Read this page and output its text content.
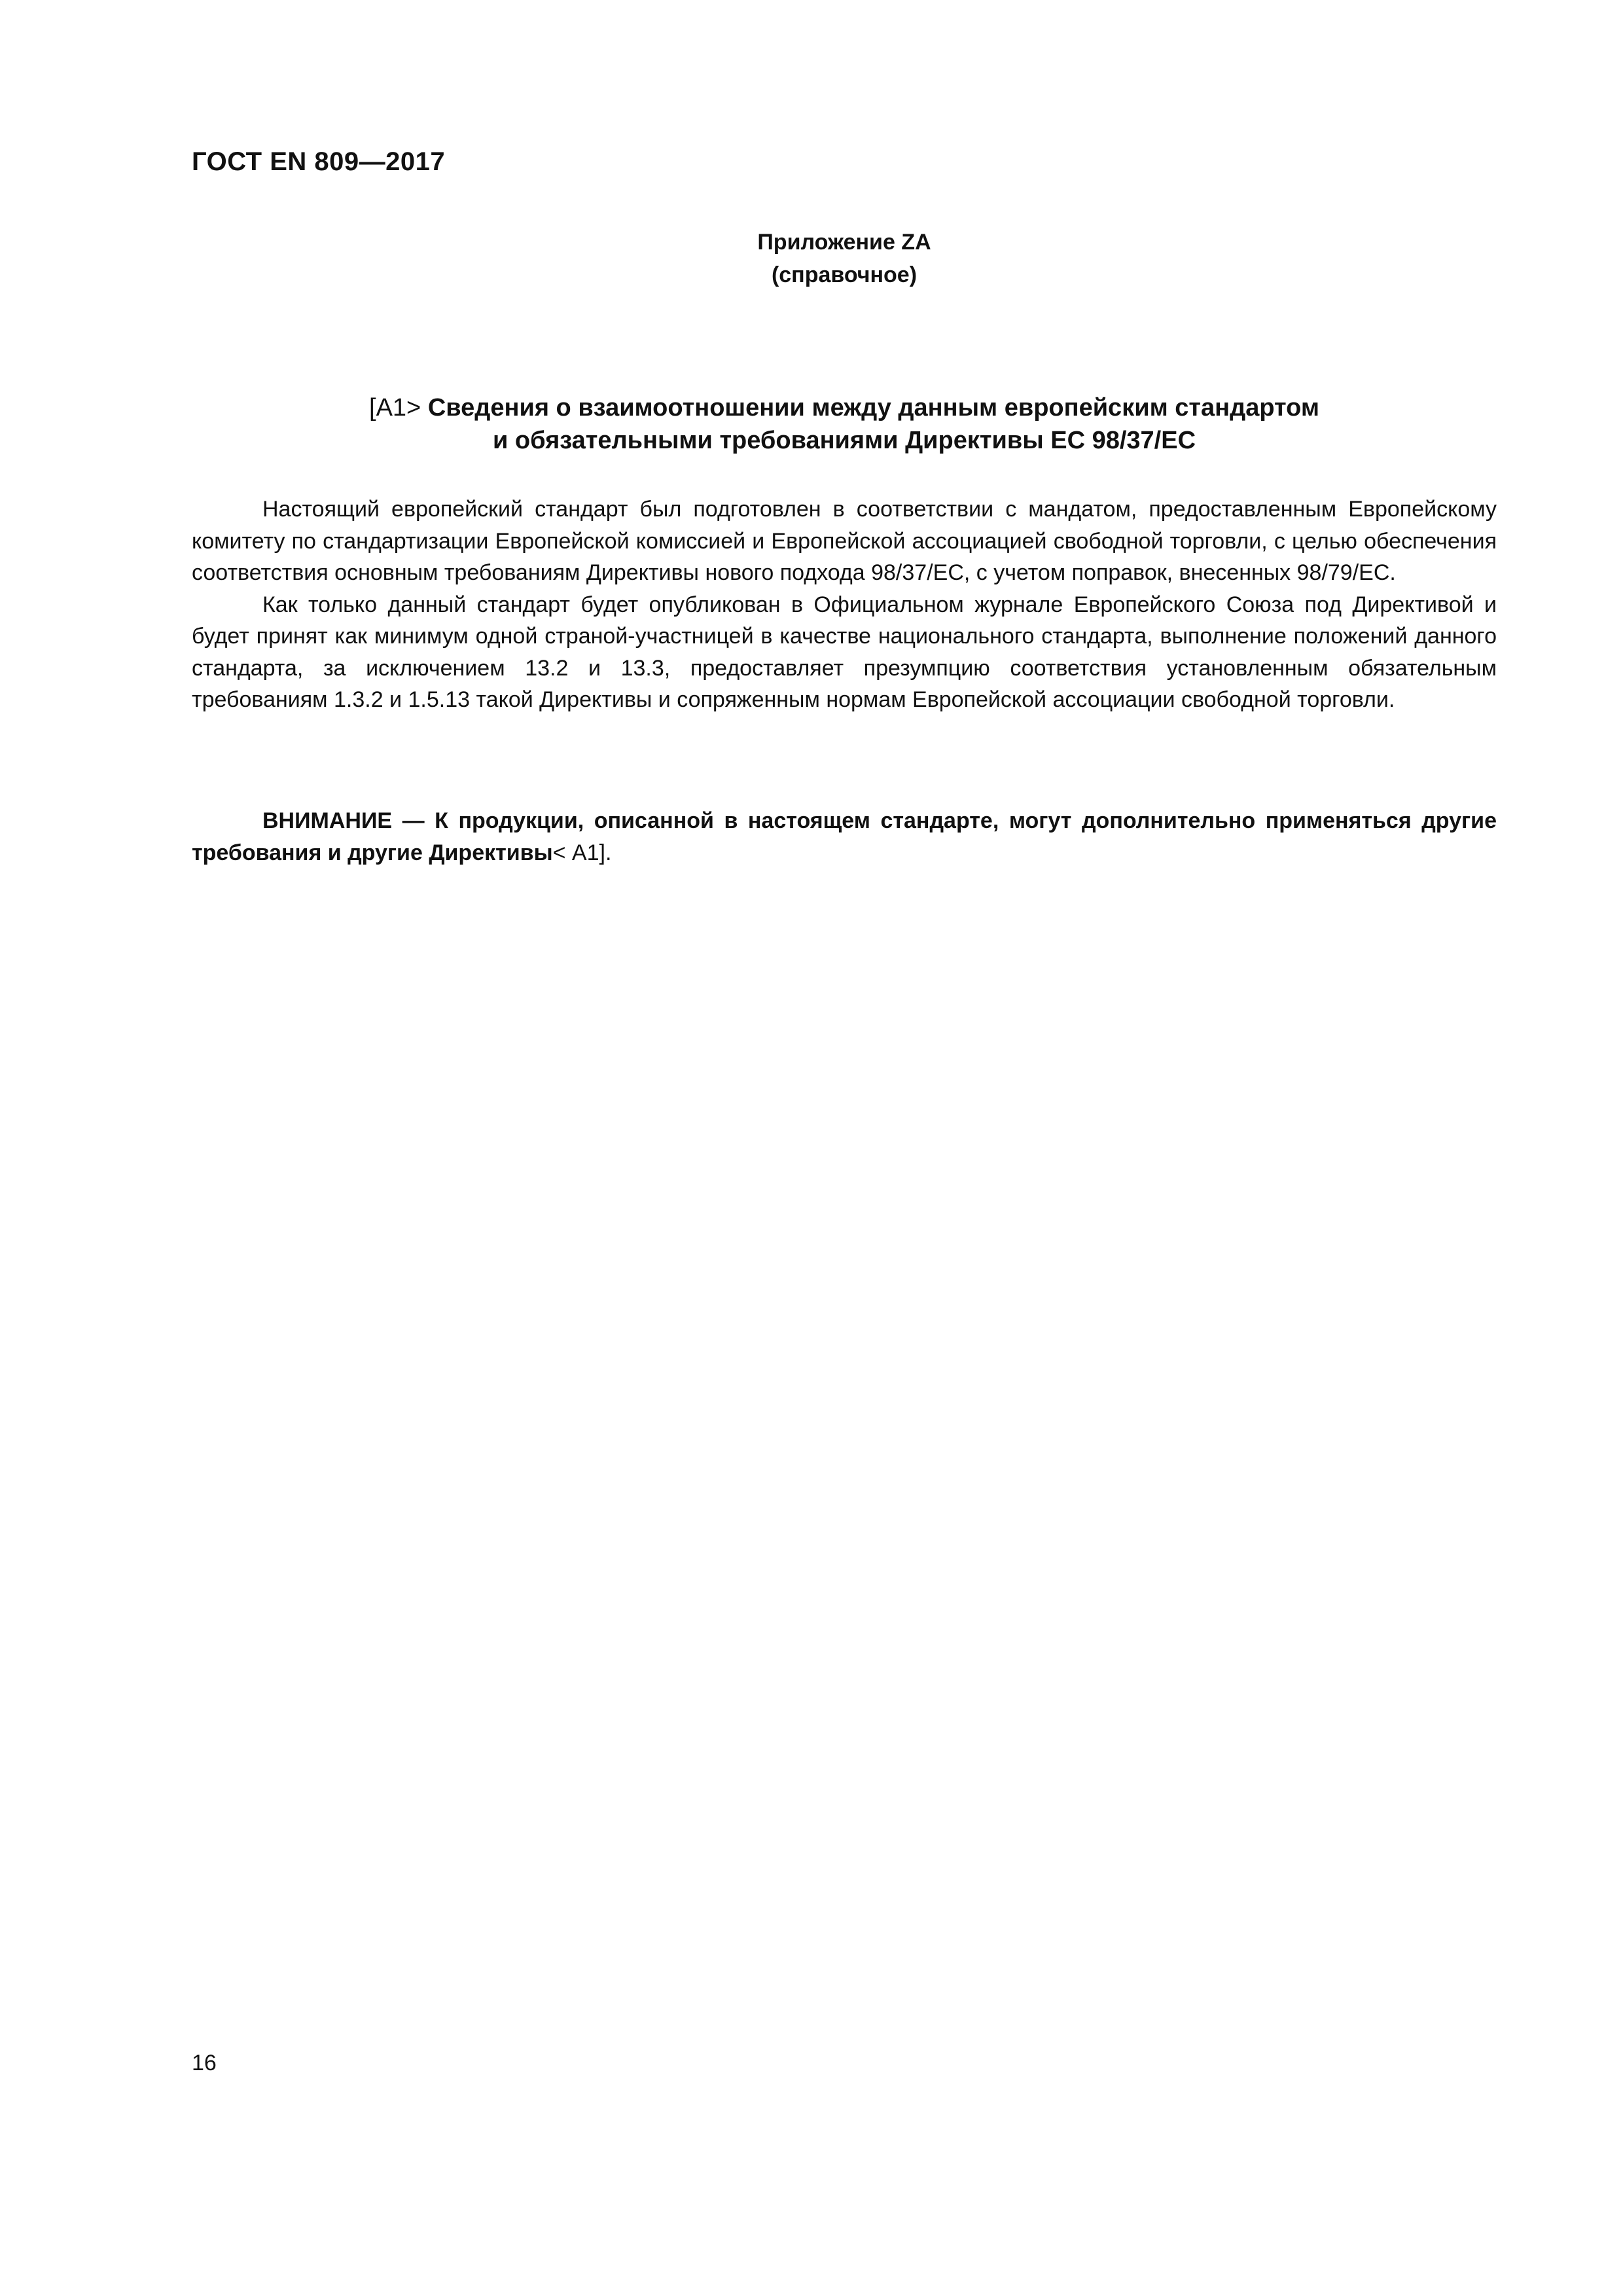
ГОСТ EN 809—2017

Приложение ZA
(справочное)
[A1> Сведения о взаимоотношении между данным европейским стандартом
и обязательными требованиями Директивы ЕС 98/37/ЕС

Настоящий европейский стандарт был подготовлен в соответствии с мандатом, предоставленным Европейскому комитету по стандартизации Европейской комиссией и Европейской ассоциацией свободной торговли, с целью обеспечения соответствия основным требованиям Директивы нового подхода 98/37/ЕС, с учетом поправок, внесенных 98/79/ЕС.

Как только данный стандарт будет опубликован в Официальном журнале Европейского Союза под Директивой и будет принят как минимум одной страной-участницей в качестве национального стандарта, выполнение положений данного стандарта, за исключением 13.2 и 13.3, предоставляет презумпцию соответствия установленным обязательным требованиям 1.3.2 и 1.5.13 такой Директивы и сопряженным нормам Европейской ассоциации свободной торговли.

ВНИМАНИЕ — К продукции, описанной в настоящем стандарте, могут дополнительно применяться другие требования и другие Директивы< A1].

16
